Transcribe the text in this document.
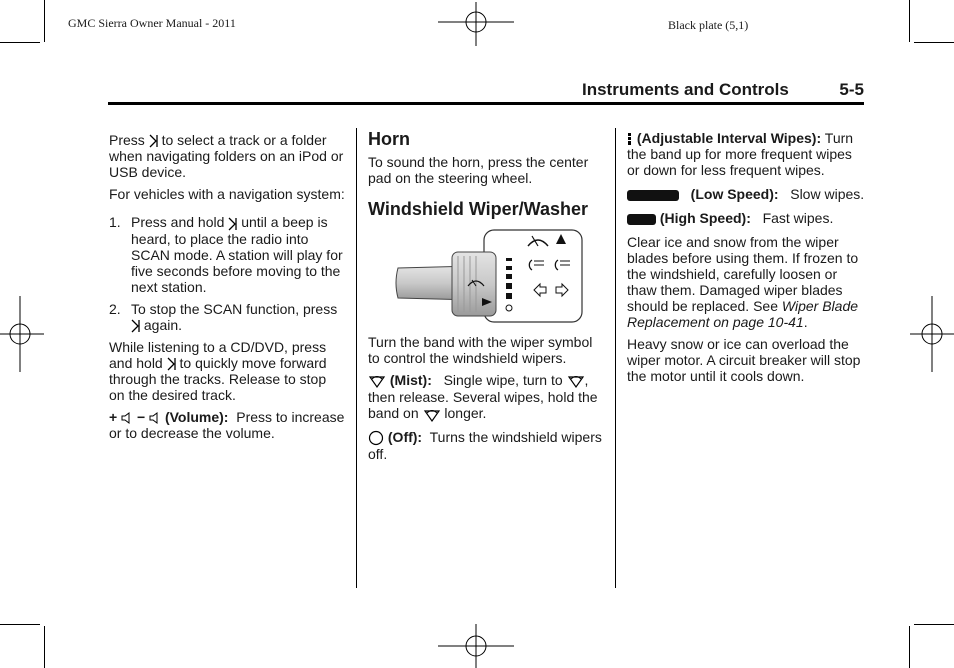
GMC Sierra Owner Manual - 2011	Black plate (5,1)
Instruments and Controls	5-5

Press to select a track or a folder when navigating folders on an iPod or USB device.

For vehicles with a navigation system:

1. Press and hold until a beep is heard, to place the radio into SCAN mode. A station will play for five seconds before moving to the next station.
2. To stop the SCAN function, press  again.

While listening to a CD/DVD, press and hold to quickly move forward through the tracks. Release to stop on the desired track.

+ − (Volume): Press to increase or to decrease the volume.

Horn

To sound the horn, press the center pad on the steering wheel.

Windshield Wiper/Washer

Turn the band with the wiper symbol to control the windshield wipers.

(Mist): Single wipe, turn to , then release. Several wipes, hold the band on longer.

(Off): Turns the windshield wipers off.

(Adjustable Interval Wipes): Turn the band up for more frequent wipes or down for less frequent wipes.

(Low Speed): Slow wipes.

(High Speed): Fast wipes.

Clear ice and snow from the wiper blades before using them. If frozen to the windshield, carefully loosen or thaw them. Damaged wiper blades should be replaced. See Wiper Blade Replacement on page 10-41.

Heavy snow or ice can overload the wiper motor. A circuit breaker will stop the motor until it cools down.
